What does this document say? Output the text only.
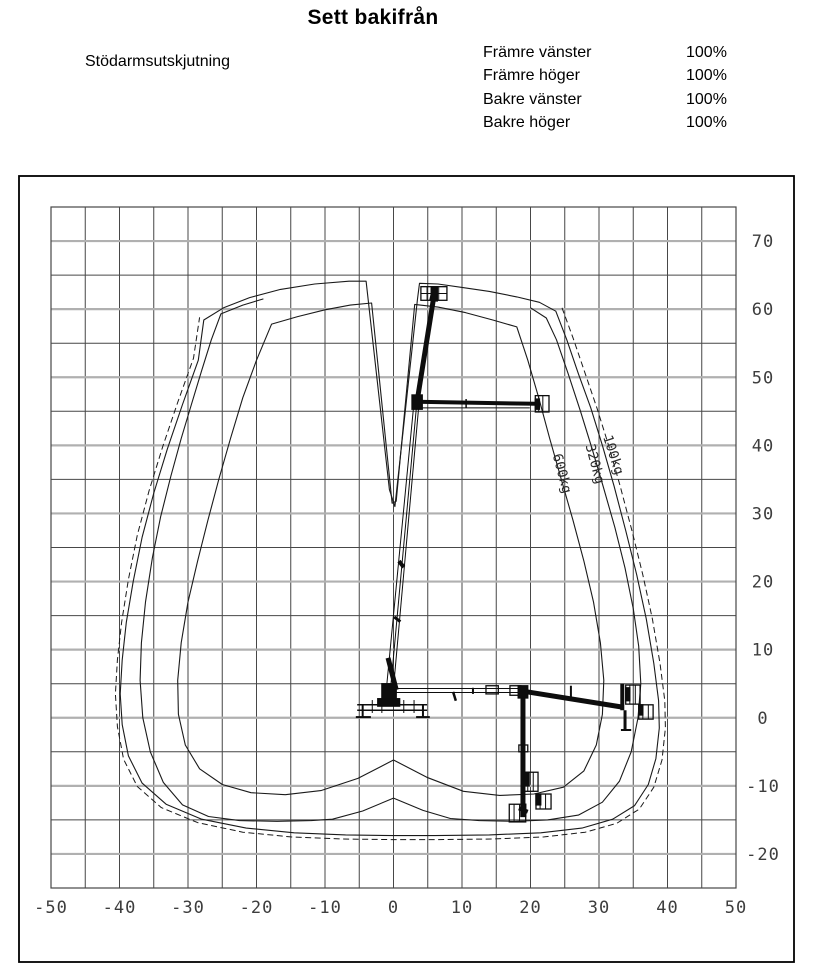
Sett bakifrån
Stödarmsutskjutning
Främre vänster	100%
Främre höger	100%
Bakre vänster	100%
Bakre höger	100%
-50 -40 -30 -20 -10	0	10	20	30	40	50
70
60
50
40
30
20
10
0
-10
-20
600kg 320kg
100kg
